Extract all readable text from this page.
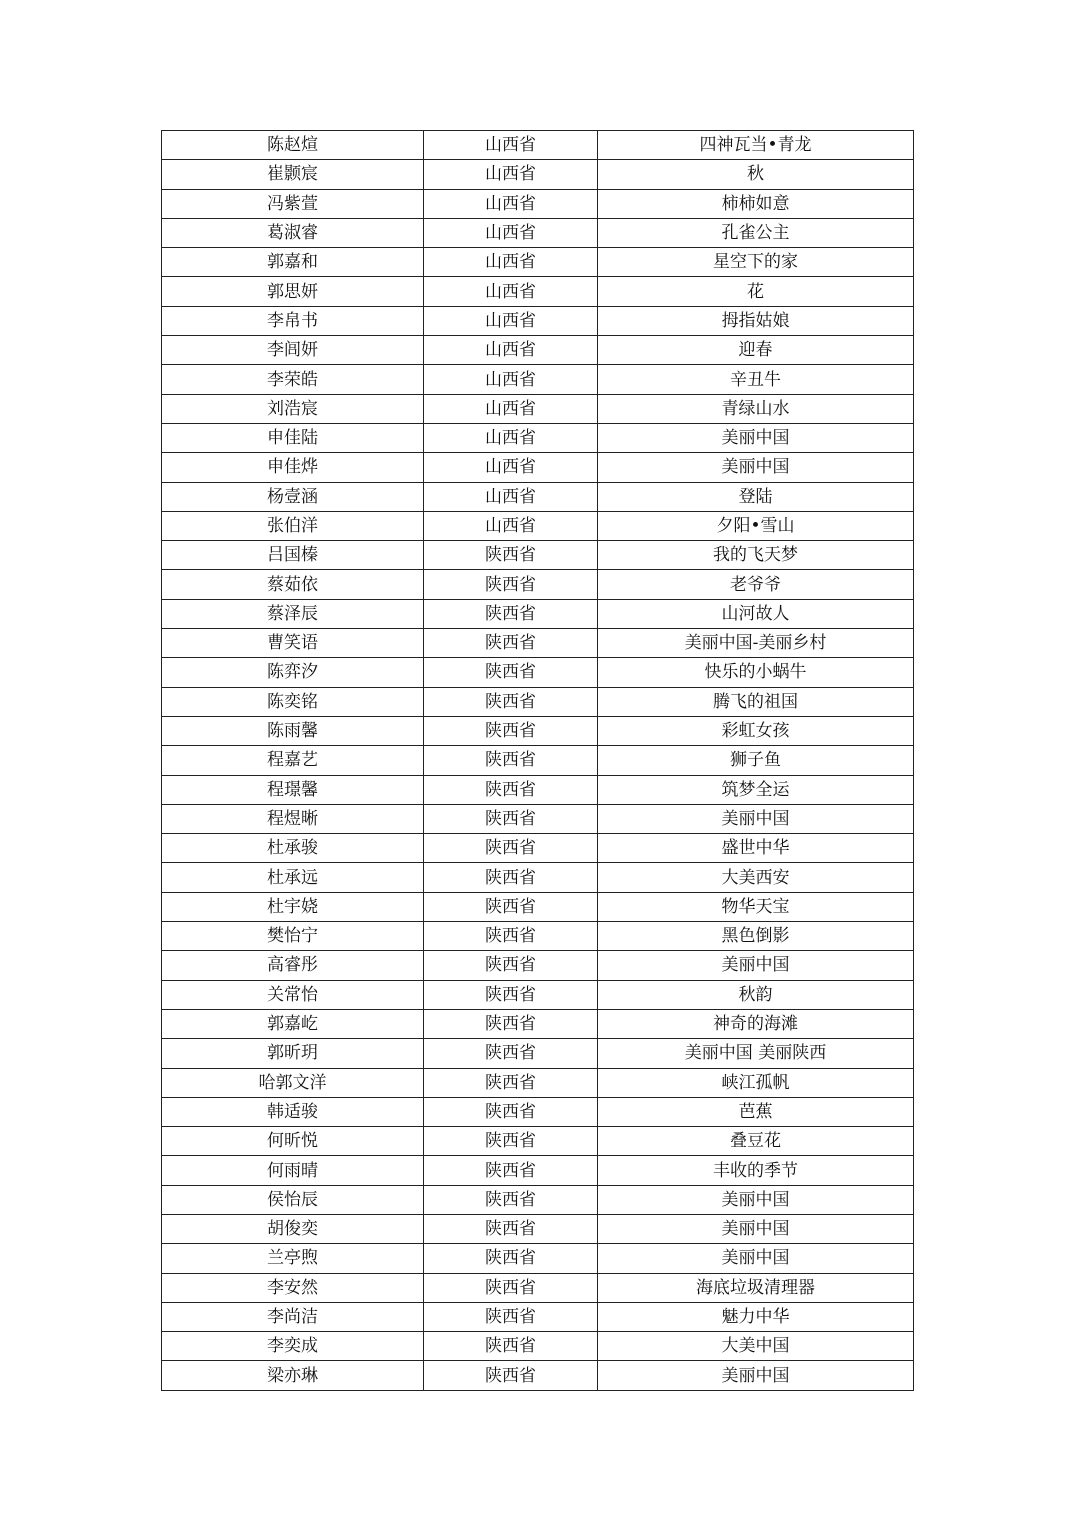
陈赵煊	山西省	四神瓦当•青龙
崔颢宸	山西省	秋
冯紫萱	山西省	柿柿如意
葛淑睿	山西省	孔雀公主
郭嘉和	山西省	星空下的家
郭思妍	山西省	花
李帛书	山西省	拇指姑娘
李闾妍	山西省	迎春
李荣皓	山西省	辛丑牛
刘浩宸	山西省	青绿山水
申佳陆	山西省	美丽中国
申佳烨	山西省	美丽中国
杨壹涵	山西省	登陆
张伯洋	山西省	夕阳•雪山
吕国榛	陕西省	我的飞天梦
蔡茹依	陕西省	老爷爷
蔡泽辰	陕西省	山河故人
曹笑语	陕西省	美丽中国-美丽乡村
陈弈汐	陕西省	快乐的小蜗牛
陈奕铭	陕西省	腾飞的祖国
陈雨馨	陕西省	彩虹女孩
程嘉艺	陕西省	狮子鱼
程璟馨	陕西省	筑梦全运
程煜晰	陕西省	美丽中国
杜承骏	陕西省	盛世中华
杜承远	陕西省	大美西安
杜宇娆	陕西省	物华天宝
樊怡宁	陕西省	黑色倒影
高睿彤	陕西省	美丽中国
关常怡	陕西省	秋韵
郭嘉屹	陕西省	神奇的海滩
郭昕玥	陕西省	美丽中国 美丽陕西
哈郭文洋	陕西省	峡江孤帆
韩适骏	陕西省	芭蕉
何昕悦	陕西省	叠豆花
何雨晴	陕西省	丰收的季节
侯怡辰	陕西省	美丽中国
胡俊奕	陕西省	美丽中国
兰亭煦	陕西省	美丽中国
李安然	陕西省	海底垃圾清理器
李尚洁	陕西省	魅力中华
李奕成	陕西省	大美中国
梁亦琳	陕西省	美丽中国
